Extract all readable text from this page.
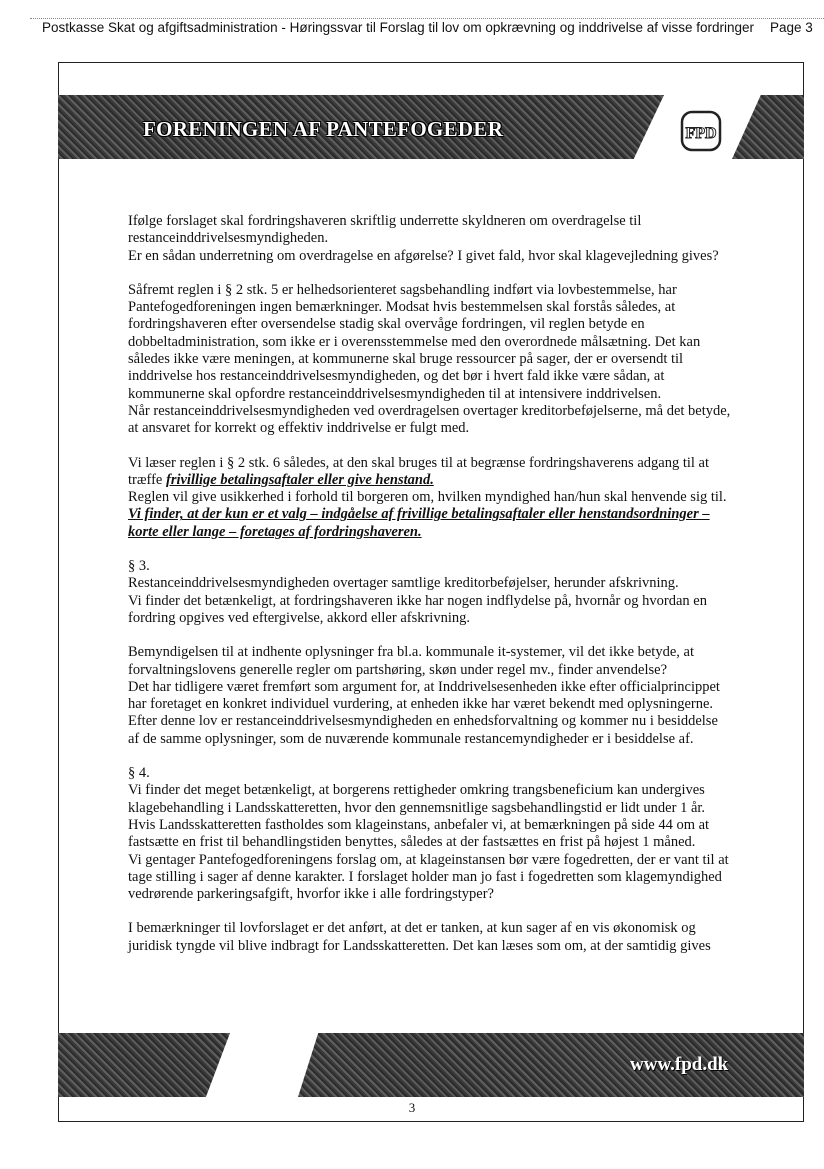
Postkasse Skat og afgiftsadministration - Høringssvar til Forslag til lov om opkrævning og inddrivelse af visse fordringer Page 3
FORENINGEN AF PANTEFOGEDER	FPD

Ifølge forslaget skal fordringshaveren skriftlig underrette skyldneren om overdragelse til restanceinddrivelsesmyndigheden.
Er en sådan underretning om overdragelse en afgørelse? I givet fald, hvor skal klagevejledning gives?

Såfremt reglen i § 2 stk. 5 er helhedsorienteret sagsbehandling indført via lovbestemmelse, har Pantefogedforeningen ingen bemærkninger. Modsat hvis bestemmelsen skal forstås således, at fordringshaveren efter oversendelse stadig skal overvåge fordringen, vil reglen betyde en dobbeltadministration, som ikke er i overensstemmelse med den overordnede målsætning. Det kan således ikke være meningen, at kommunerne skal bruge ressourcer på sager, der er oversendt til inddrivelse hos restanceinddrivelsesmyndigheden, og det bør i hvert fald ikke være sådan, at kommunerne skal opfordre restanceinddrivelsesmyndigheden til at intensivere inddrivelsen.
Når restanceinddrivelsesmyndigheden ved overdragelsen overtager kreditorbeføjelserne, må det betyde, at ansvaret for korrekt og effektiv inddrivelse er fulgt med.

Vi læser reglen i § 2 stk. 6 således, at den skal bruges til at begrænse fordringshaverens adgang til at træffe frivillige betalingsaftaler eller give henstand.
Reglen vil give usikkerhed i forhold til borgeren om, hvilken myndighed han/hun skal henvende sig til.
Vi finder, at der kun er et valg – indgåelse af frivillige betalingsaftaler eller henstandsordninger – korte eller lange – foretages af fordringshaveren.

§ 3.
Restanceinddrivelsesmyndigheden overtager samtlige kreditorbeføjelser, herunder afskrivning.
Vi finder det betænkeligt, at fordringshaveren ikke har nogen indflydelse på, hvornår og hvordan en fordring opgives ved eftergivelse, akkord eller afskrivning.

Bemyndigelsen til at indhente oplysninger fra bl.a. kommunale it-systemer, vil det ikke betyde, at forvaltningslovens generelle regler om partshøring, skøn under regel mv., finder anvendelse?
Det har tidligere været fremført som argument for, at Inddrivelsesenheden ikke efter officialprincippet har foretaget en konkret individuel vurdering, at enheden ikke har været bekendt med oplysningerne. Efter denne lov er restanceinddrivelsesmyndigheden en enhedsforvaltning og kommer nu i besiddelse af de samme oplysninger, som de nuværende kommunale restancemyndigheder er i besiddelse af.

§ 4.
Vi finder det meget betænkeligt, at borgerens rettigheder omkring trangsbeneficium kan undergives klagebehandling i Landsskatteretten, hvor den gennemsnitlige sagsbehandlingstid er lidt under 1 år. Hvis Landsskatteretten fastholdes som klageinstans, anbefaler vi, at bemærkningen på side 44 om at fastsætte en frist til behandlingstiden benyttes, således at der fastsættes en frist på højest 1 måned.
Vi gentager Pantefogedforeningens forslag om, at klageinstansen bør være fogedretten, der er vant til at tage stilling i sager af denne karakter. I forslaget holder man jo fast i fogedretten som klagemyndighed vedrørende parkeringsafgift, hvorfor ikke i alle fordringstyper?

I bemærkninger til lovforslaget er det anført, at det er tanken, at kun sager af en vis økonomisk og juridisk tyngde vil blive indbragt for Landsskatteretten. Det kan læses som om, at der samtidig gives

www.fpd.dk
3
